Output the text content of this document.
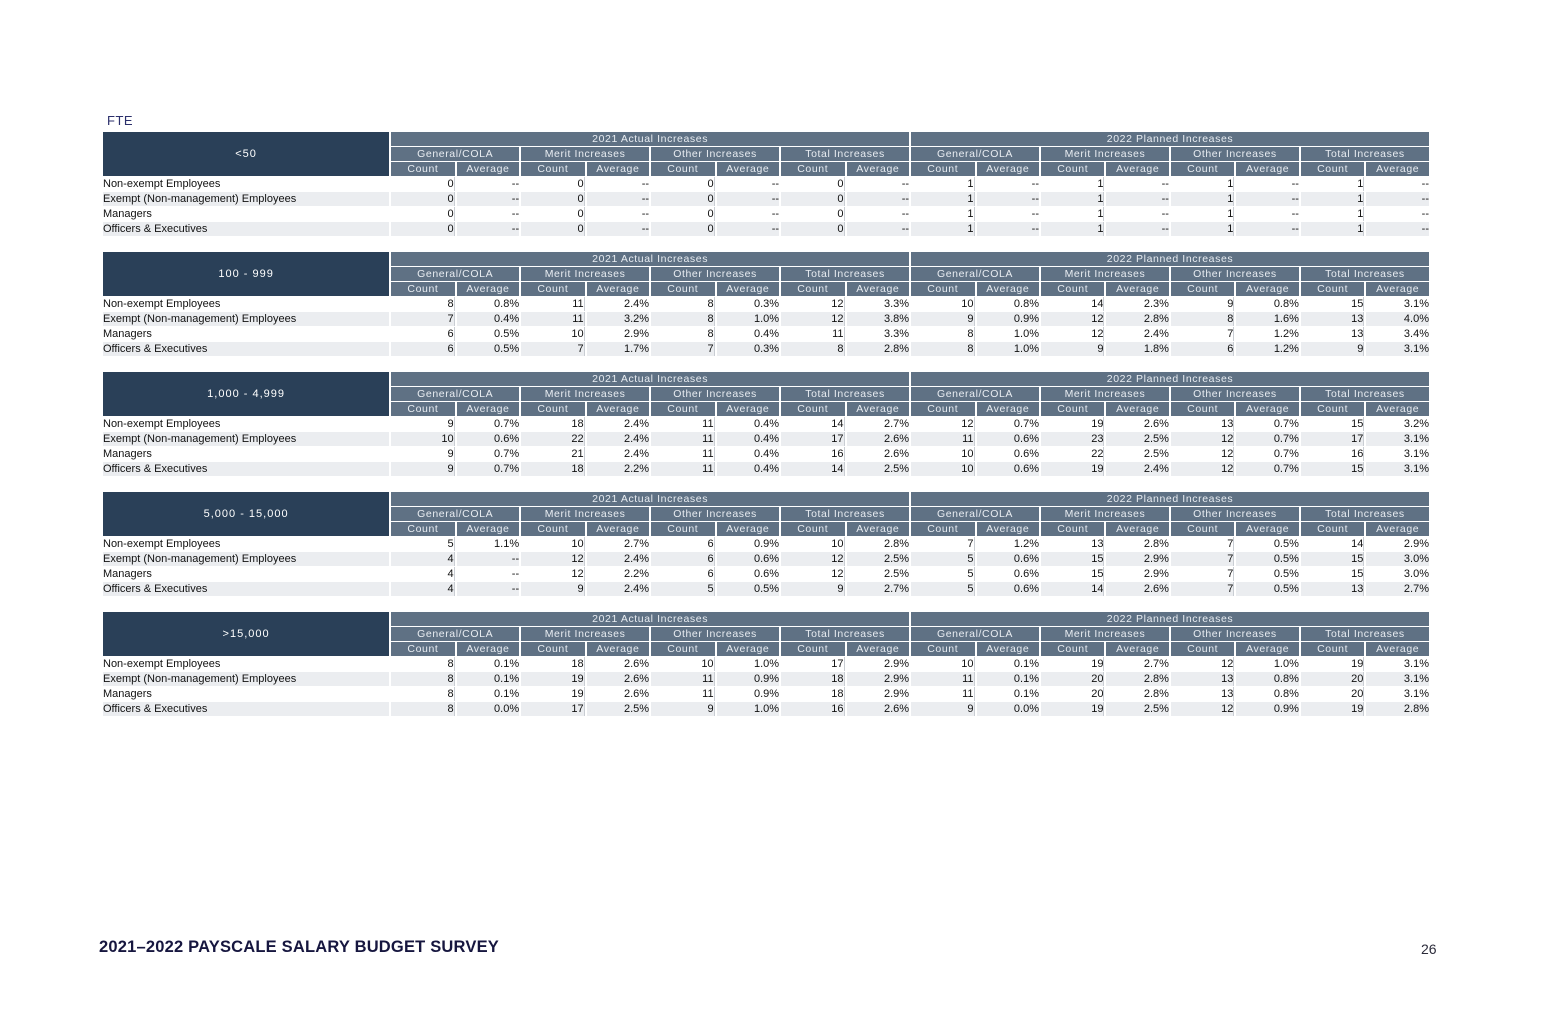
FTE
<50	2021 Actual Increases								2022 Planned Increases							
	General/COLA		Merit Increases		Other Increases		Total Increases		General/COLA		Merit Increases		Other Increases		Total Increases	
	Count	Average	Count	Average	Count	Average	Count	Average	Count	Average	Count	Average	Count	Average	Count	Average
Non-exempt Employees	0	--	0	--	0	--	0	--	1	--	1	--	1	--	1	--
Exempt (Non-management) Employees	0	--	0	--	0	--	0	--	1	--	1	--	1	--	1	--
Managers	0	--	0	--	0	--	0	--	1	--	1	--	1	--	1	--
Officers & Executives	0	--	0	--	0	--	0	--	1	--	1	--	1	--	1	--
100 - 999	2021 Actual Increases								2022 Planned Increases							
	General/COLA		Merit Increases		Other Increases		Total Increases		General/COLA		Merit Increases		Other Increases		Total Increases	
	Count	Average	Count	Average	Count	Average	Count	Average	Count	Average	Count	Average	Count	Average	Count	Average
Non-exempt Employees	8	0.8%	11	2.4%	8	0.3%	12	3.3%	10	0.8%	14	2.3%	9	0.8%	15	3.1%
Exempt (Non-management) Employees	7	0.4%	11	3.2%	8	1.0%	12	3.8%	9	0.9%	12	2.8%	8	1.6%	13	4.0%
Managers	6	0.5%	10	2.9%	8	0.4%	11	3.3%	8	1.0%	12	2.4%	7	1.2%	13	3.4%
Officers & Executives	6	0.5%	7	1.7%	7	0.3%	8	2.8%	8	1.0%	9	1.8%	6	1.2%	9	3.1%
1,000 - 4,999	2021 Actual Increases								2022 Planned Increases							
	General/COLA		Merit Increases		Other Increases		Total Increases		General/COLA		Merit Increases		Other Increases		Total Increases	
	Count	Average	Count	Average	Count	Average	Count	Average	Count	Average	Count	Average	Count	Average	Count	Average
Non-exempt Employees	9	0.7%	18	2.4%	11	0.4%	14	2.7%	12	0.7%	19	2.6%	13	0.7%	15	3.2%
Exempt (Non-management) Employees	10	0.6%	22	2.4%	11	0.4%	17	2.6%	11	0.6%	23	2.5%	12	0.7%	17	3.1%
Managers	9	0.7%	21	2.4%	11	0.4%	16	2.6%	10	0.6%	22	2.5%	12	0.7%	16	3.1%
Officers & Executives	9	0.7%	18	2.2%	11	0.4%	14	2.5%	10	0.6%	19	2.4%	12	0.7%	15	3.1%
5,000 - 15,000	2021 Actual Increases								2022 Planned Increases							
	General/COLA		Merit Increases		Other Increases		Total Increases		General/COLA		Merit Increases		Other Increases		Total Increases	
	Count	Average	Count	Average	Count	Average	Count	Average	Count	Average	Count	Average	Count	Average	Count	Average
Non-exempt Employees	5	1.1%	10	2.7%	6	0.9%	10	2.8%	7	1.2%	13	2.8%	7	0.5%	14	2.9%
Exempt (Non-management) Employees	4	--	12	2.4%	6	0.6%	12	2.5%	5	0.6%	15	2.9%	7	0.5%	15	3.0%
Managers	4	--	12	2.2%	6	0.6%	12	2.5%	5	0.6%	15	2.9%	7	0.5%	15	3.0%
Officers & Executives	4	--	9	2.4%	5	0.5%	9	2.7%	5	0.6%	14	2.6%	7	0.5%	13	2.7%
>15,000	2021 Actual Increases								2022 Planned Increases							
	General/COLA		Merit Increases		Other Increases		Total Increases		General/COLA		Merit Increases		Other Increases		Total Increases	
	Count	Average	Count	Average	Count	Average	Count	Average	Count	Average	Count	Average	Count	Average	Count	Average
Non-exempt Employees	8	0.1%	18	2.6%	10	1.0%	17	2.9%	10	0.1%	19	2.7%	12	1.0%	19	3.1%
Exempt (Non-management) Employees	8	0.1%	19	2.6%	11	0.9%	18	2.9%	11	0.1%	20	2.8%	13	0.8%	20	3.1%
Managers	8	0.1%	19	2.6%	11	0.9%	18	2.9%	11	0.1%	20	2.8%	13	0.8%	20	3.1%
Officers & Executives	8	0.0%	17	2.5%	9	1.0%	16	2.6%	9	0.0%	19	2.5%	12	0.9%	19	2.8%
2021–2022 PAYSCALE SALARY BUDGET SURVEY	26
